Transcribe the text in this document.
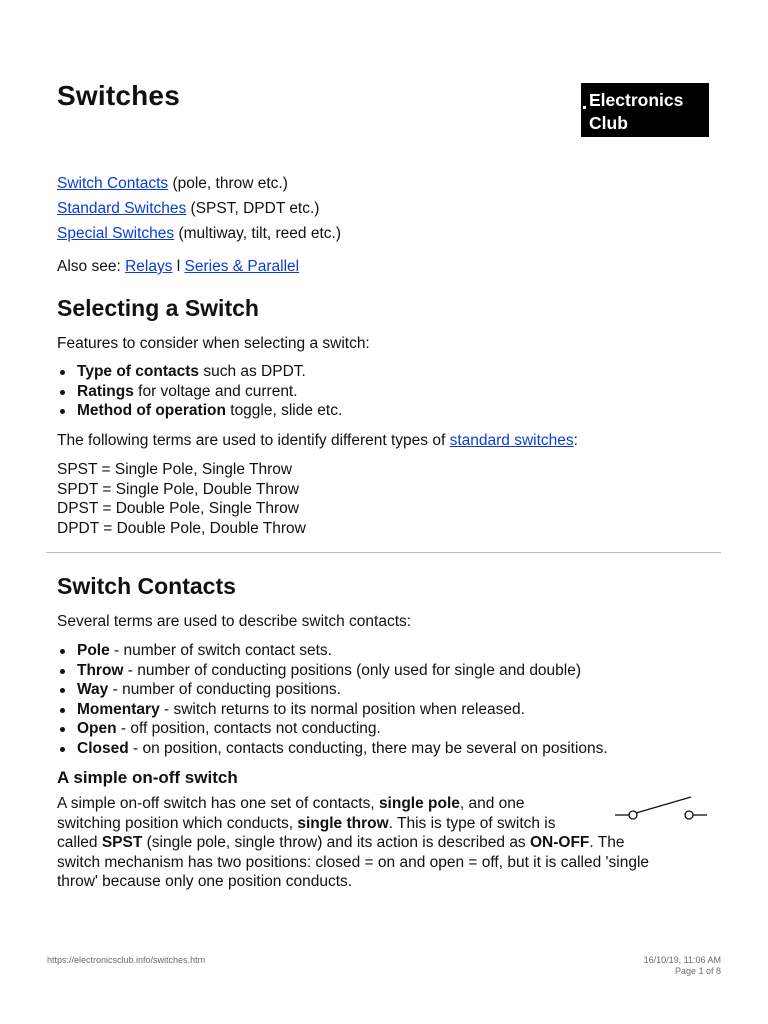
Switches	Electronics
Club

Switch Contacts (pole, throw etc.)

Standard Switches (SPST, DPDT etc.)

Special Switches (multiway, tilt, reed etc.)

Also see: Relays l Series & Parallel
Selecting a Switch
Features to consider when selecting a switch:
Type of contacts such as DPDT.
Ratings for voltage and current.
Method of operation toggle, slide etc.
The following terms are used to identify different types of standard switches:

SPST = Single Pole, Single Throw

SPDT = Single Pole, Double Throw

DPST = Double Pole, Single Throw

DPDT = Double Pole, Double Throw

Switch Contacts
Several terms are used to describe switch contacts:
Pole - number of switch contact sets.
Throw - number of conducting positions (only used for single and double)
Way - number of conducting positions.
Momentary - switch returns to its normal position when released.
Open - off position, contacts not conducting.
Closed - on position, contacts conducting, there may be several on positions.
A simple on-off switch

A simple on-off switch has one set of contacts, single pole, and one

switching position which conducts, single throw. This is type of switch is

called SPST (single pole, single throw) and its action is described as ON-OFF. The

switch mechanism has two positions: closed = on and open = off, but it is called 'single

throw' because only one position conducts.

https://electronicsclub.info/switches.htm	16/10/19, 11:06 AM
Page 1 of 8
